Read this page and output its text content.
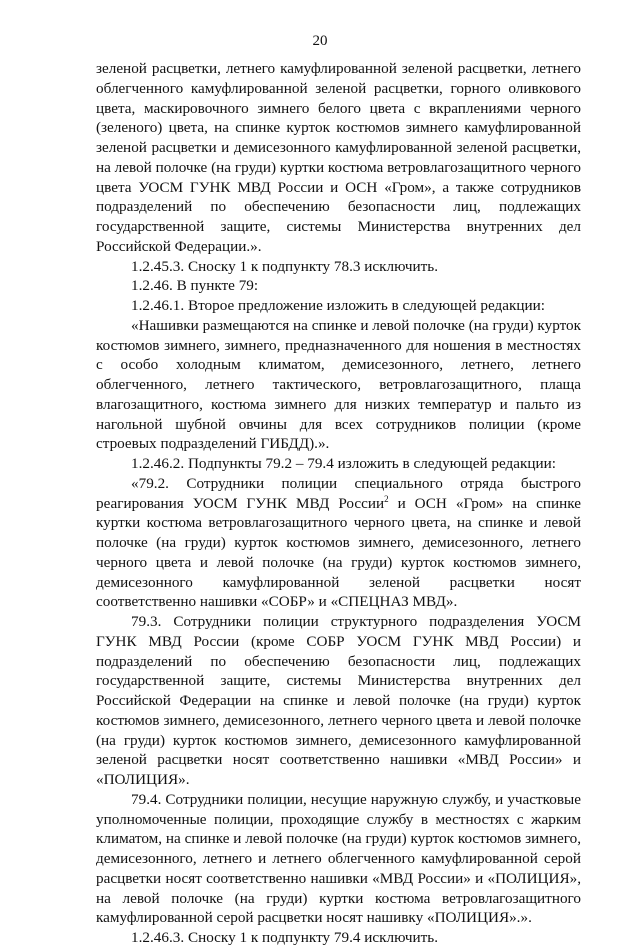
20

зеленой расцветки, летнего камуфлированной зеленой расцветки, летнего облегченного камуфлированной зеленой расцветки, горного оливкового цвета, маскировочного зимнего белого цвета с вкраплениями черного (зеленого) цвета, на спинке курток костюмов зимнего камуфлированной зеленой расцветки и демисезонного камуфлированной зеленой расцветки, на левой полочке (на груди) куртки костюма ветровлагозащитного черного цвета УОСМ ГУНК МВД России и ОСН «Гром», а также сотрудников подразделений по обеспечению безопасности лиц, подлежащих государственной защите, системы Министерства внутренних дел Российской Федерации.».

1.2.45.3. Сноску 1 к подпункту 78.3 исключить.

1.2.46. В пункте 79:

1.2.46.1. Второе предложение изложить в следующей редакции:

«Нашивки размещаются на спинке и левой полочке (на груди) курток костюмов зимнего, зимнего, предназначенного для ношения в местностях с особо холодным климатом, демисезонного, летнего, летнего облегченного, летнего тактического, ветровлагозащитного, плаща влагозащитного, костюма зимнего для низких температур и пальто из нагольной шубной овчины для всех сотрудников полиции (кроме строевых подразделений ГИБДД).».

1.2.46.2. Подпункты 79.2 – 79.4 изложить в следующей редакции:

«79.2. Сотрудники полиции специального отряда быстрого реагирования УОСМ ГУНК МВД России$^2$ и ОСН «Гром» на спинке куртки костюма ветровлагозащитного черного цвета, на спинке и левой полочке (на груди) курток костюмов зимнего, демисезонного, летнего черного цвета и левой полочке (на груди) курток костюмов зимнего, демисезонного камуфлированной зеленой расцветки носят соответственно нашивки «СОБР» и «СПЕЦНАЗ МВД».

79.3. Сотрудники полиции структурного подразделения УОСМ ГУНК МВД России (кроме СОБР УОСМ ГУНК МВД России) и подразделений по обеспечению безопасности лиц, подлежащих государственной защите, системы Министерства внутренних дел Российской Федерации на спинке и левой полочке (на груди) курток костюмов зимнего, демисезонного, летнего черного цвета и левой полочке (на груди) курток костюмов зимнего, демисезонного камуфлированной зеленой расцветки носят соответственно нашивки «МВД России» и «ПОЛИЦИЯ».

79.4. Сотрудники полиции, несущие наружную службу, и участковые уполномоченные полиции, проходящие службу в местностях с жарким климатом, на спинке и левой полочке (на груди) курток костюмов зимнего, демисезонного, летнего и летнего облегченного камуфлированной серой расцветки носят соответственно нашивки «МВД России» и «ПОЛИЦИЯ», на левой полочке (на груди) куртки костюма ветровлагозащитного камуфлированной серой расцветки носят нашивку «ПОЛИЦИЯ».».

1.2.46.3. Сноску 1 к подпункту 79.4 исключить.
